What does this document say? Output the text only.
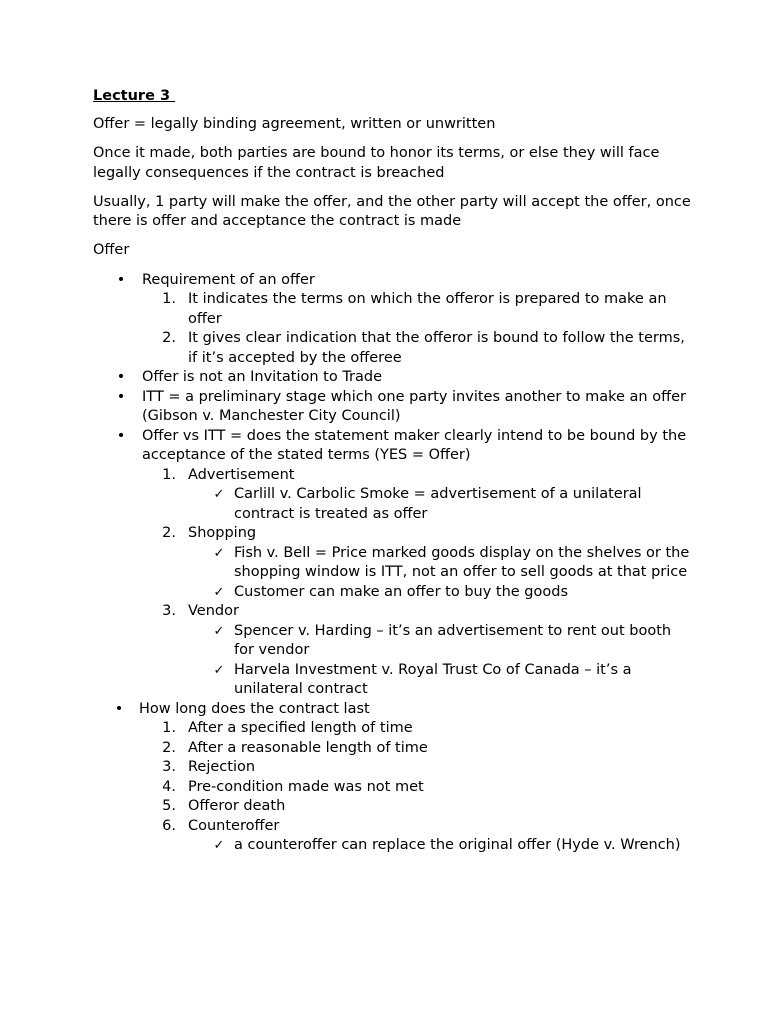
Lecture 3

Offer = legally binding agreement, written or unwritten

Once it made, both parties are bound to honor its terms, or else they will face legally consequences if the contract is breached

Usually, 1 party will make the offer, and the other party will accept the offer, once there is offer and acceptance the contract is made

Offer

• Requirement of an offer
1 .	It indicates the terms on which the offeror is prepared to make an offer
2 .	It gives clear indication that the offeror is bound to follow the terms, if it’s accepted by the offeree
• Offer is not an Invitation to Trade
• ITT = a preliminary stage which one party invites another to make an offer (Gibson v. Manchester City Council)
• Offer vs ITT = does the statement maker clearly intend to be bound by the acceptance of the stated terms (YES = Offer)
1 .	Advertisement
✓ Carlill v. Carbolic Smoke = advertisement of a unilateral contract is treated as offer
2 .	Shopping
✓ Fish v. Bell = Price marked goods display on the shelves or the shopping window is ITT, not an offer to sell goods at that price
✓ Customer can make an offer to buy the goods
3 .	Vendor
✓ Spencer v. Harding – it’s an advertisement to rent out booth for vendor
✓ Harvela Investment v. Royal Trust Co of Canada – it’s a unilateral contract
• How long does the contract last
1 .	After a specified length of time
2 .	After a reasonable length of time
3 .	Rejection
4 .	Pre-condition made was not met
5 .	Offeror death
6 .	Counteroffer
✓ a counteroffer can replace the original offer (Hyde v. Wrench)
